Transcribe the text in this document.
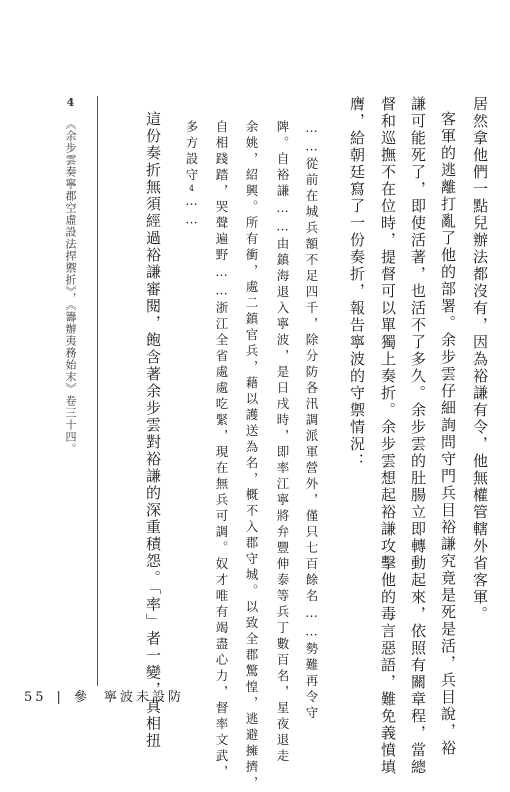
居然拿他們一點兒辦法都沒有，因為裕謙有令，他無權管轄外省客軍。
客軍的逃離打亂了他的部署。余步雲仔細詢問守門兵目裕謙究竟是死是活，兵目說，裕
謙可能死了，即使活著，也活不了多久。余步雲的肚腸立即轉動起來，依照有關章程，當總
督和巡撫不在位時，提督可以單獨上奏折。余步雲想起裕謙攻擊他的毒言惡語，難免義憤填
膺，給朝廷寫了一份奏折，報告寧波的守禦情況：
……從前在城兵額不足四千，除分防各汛調派軍營外，僅只七百餘名……勢難再令守
陴。自裕謙……由鎮海退入寧波，是日戌時，即率江寧將弁豐伸泰等兵丁數百名，星夜退走
余姚，紹興。所有衝，處二鎮官兵，藉以護送為名，概不入郡守城。以致全郡驚惶，逃避擁擠，
自相踐踏，哭聲遍野……浙江全省處處吃緊，現在無兵可調。奴才唯有竭盡心力，督率文武，
多方設守4……
這份奏折無須經過裕謙審閱，飽含著余步雲對裕謙的深重積怨。「率」者一變，真相扭
4
《余步雲奏寧郡空虛設法捍禦折》，《籌辦夷務始末》卷三十四。
55 | 參 寧波未設防
